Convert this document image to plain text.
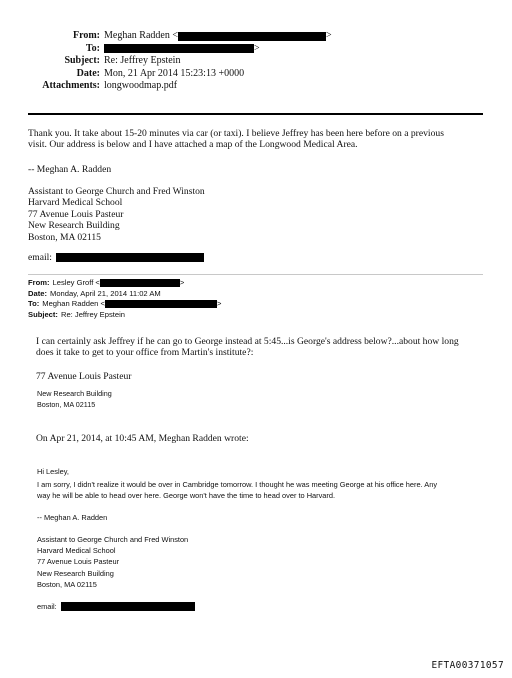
From: Meghan Radden <	>
To:	>
Subject: Re: Jeffrey Epstein
Date: Mon, 21 Apr 2014 15:23:13 +0000
Attachments: longwoodmap.pdf
Thank you. It take about 15-20 minutes via car (or taxi). I believe Jeffrey has been here before on a previous
visit. Our address is below and I have attached a map of the Longwood Medical Area.
-- Meghan A. Radden
Assistant to George Church and Fred Winston
Harvard Medical School
77 Avenue Louis Pasteur
New Research Building
Boston, MA 02115
email:
From: Lesley Groff <	>
Date: Monday, April 21, 2014 11:02 AM
To: Meghan Radden <	>
Subject: Re: Jeffrey Epstein
I can certainly ask Jeffrey if he can go to George instead at 5:45...is George's address below?...about how long
does it take to get to your office from Martin's institute?:
77 Avenue Louis Pasteur
New Research Building
Boston, MA 02115
On Apr 21, 2014, at 10:45 AM, Meghan Radden wrote:
Hi Lesley,
I am sorry, I didn't realize it would be over in Cambridge tomorrow. I thought he was meeting George at his office here. Any
way he will be able to head over here. George won't have the time to head over to Harvard.
-- Meghan A. Radden
Assistant to George Church and Fred Winston
Harvard Medical School
77 Avenue Louis Pasteur
New Research Building
Boston, MA 02115
email:
EFTA00371057
